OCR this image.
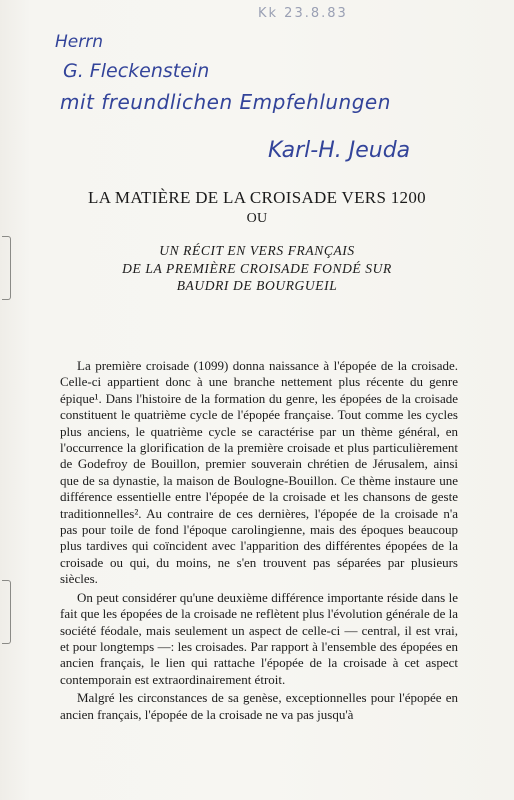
Kk 23.8.83
Herrn
G. Fleckenstein
mit freundlichen Empfehlungen
Karl-H. Jeuda
LA MATIÈRE DE LA CROISADE VERS 1200
OU
UN RÉCIT EN VERS FRANÇAIS
DE LA PREMIÈRE CROISADE FONDÉ SUR
BAUDRI DE BOURGUEIL

La première croisade (1099) donna naissance à l'épopée de la croisade. Celle-ci appartient donc à une branche nettement plus récente du genre épique¹. Dans l'histoire de la formation du genre, les épopées de la croisade constituent le quatrième cycle de l'épopée française. Tout comme les cycles plus anciens, le quatrième cycle se caractérise par un thème général, en l'occurrence la glorification de la première croisade et plus particulièrement de Godefroy de Bouillon, premier souverain chrétien de Jérusalem, ainsi que de sa dynastie, la maison de Boulogne-Bouillon. Ce thème instaure une différence essentielle entre l'épopée de la croisade et les chansons de geste traditionnelles². Au contraire de ces dernières, l'épopée de la croisade n'a pas pour toile de fond l'époque carolingienne, mais des époques beaucoup plus tardives qui coïncident avec l'apparition des différentes épopées de la croisade ou qui, du moins, ne s'en trouvent pas séparées par plusieurs siècles.

On peut considérer qu'une deuxième différence importante réside dans le fait que les épopées de la croisade ne reflètent plus l'évolution générale de la société féodale, mais seulement un aspect de celle-ci — central, il est vrai, et pour longtemps —: les croisades. Par rapport à l'ensemble des épopées en ancien français, le lien qui rattache l'épopée de la croisade à cet aspect contemporain est extraordinairement étroit.

Malgré les circonstances de sa genèse, exceptionnelles pour l'épopée en ancien français, l'épopée de la croisade ne va pas jusqu'à
